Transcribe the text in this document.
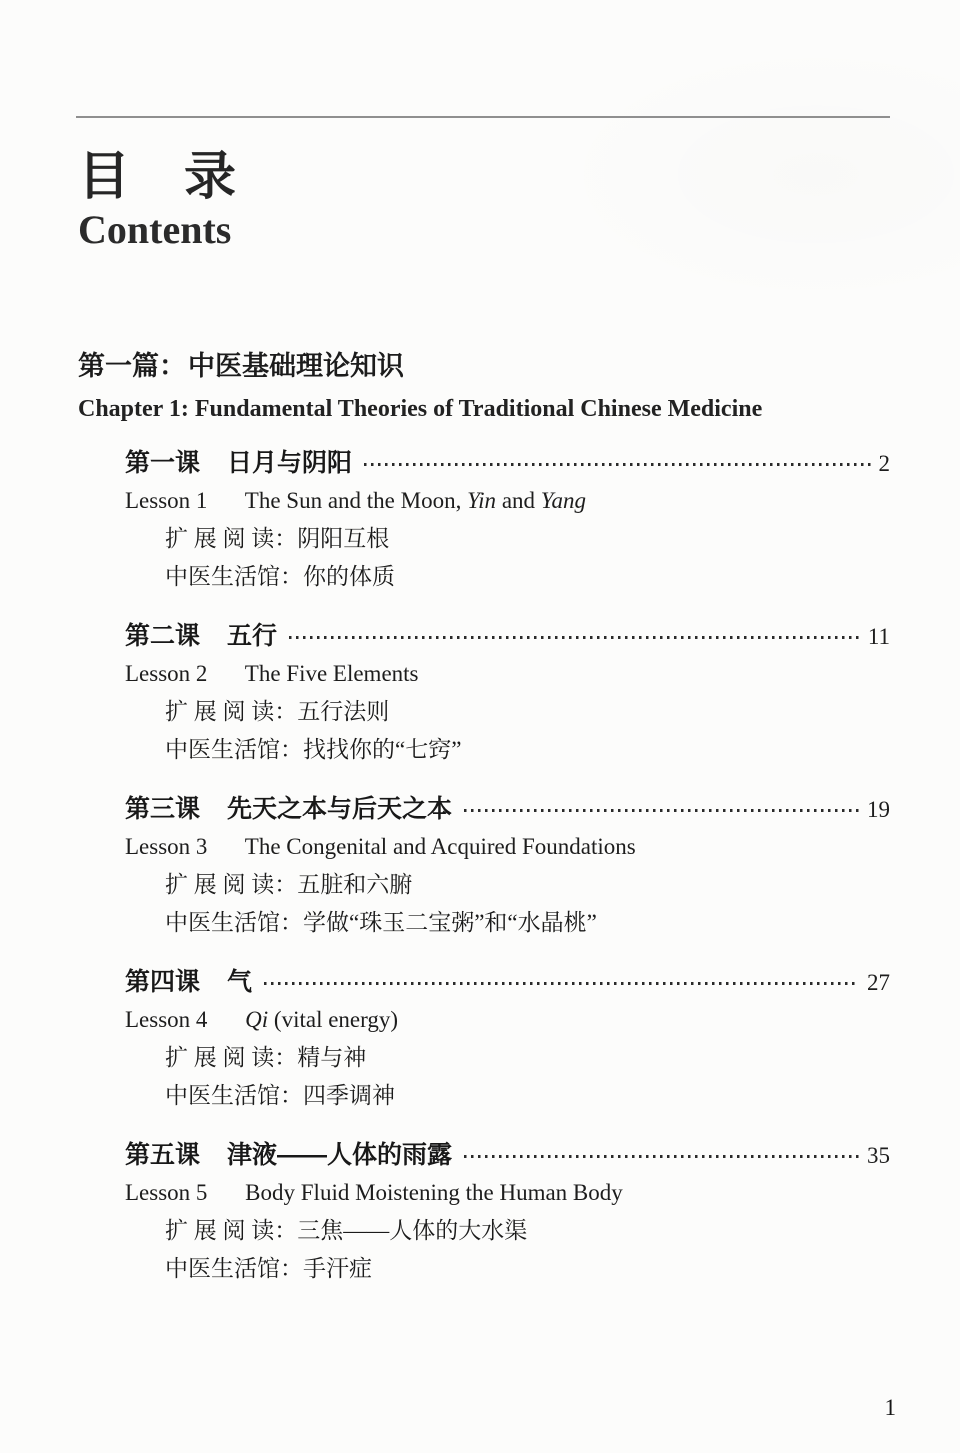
目　录
Contents
第一篇：中医基础理论知识
Chapter 1: Fundamental Theories of Traditional Chinese Medicine
第一课 日月与阴阳	2
Lesson 1 The Sun and the Moon, Yin and Yang
扩 展 阅 读：阴阳互根
中医生活馆：你的体质
第二课 五行	11
Lesson 2 The Five Elements
扩 展 阅 读：五行法则
中医生活馆：找找你的“七窍”
第三课 先天之本与后天之本	19
Lesson 3 The Congenital and Acquired Foundations
扩 展 阅 读：五脏和六腑
中医生活馆：学做“珠玉二宝粥”和“水晶桃”
第四课 气	27
Lesson 4 Qi (vital energy)
扩 展 阅 读：精与神
中医生活馆：四季调神
第五课 津液——人体的雨露	35
Lesson 5 Body Fluid Moistening the Human Body
扩 展 阅 读：三焦——人体的大水渠
中医生活馆：手汗症
1
